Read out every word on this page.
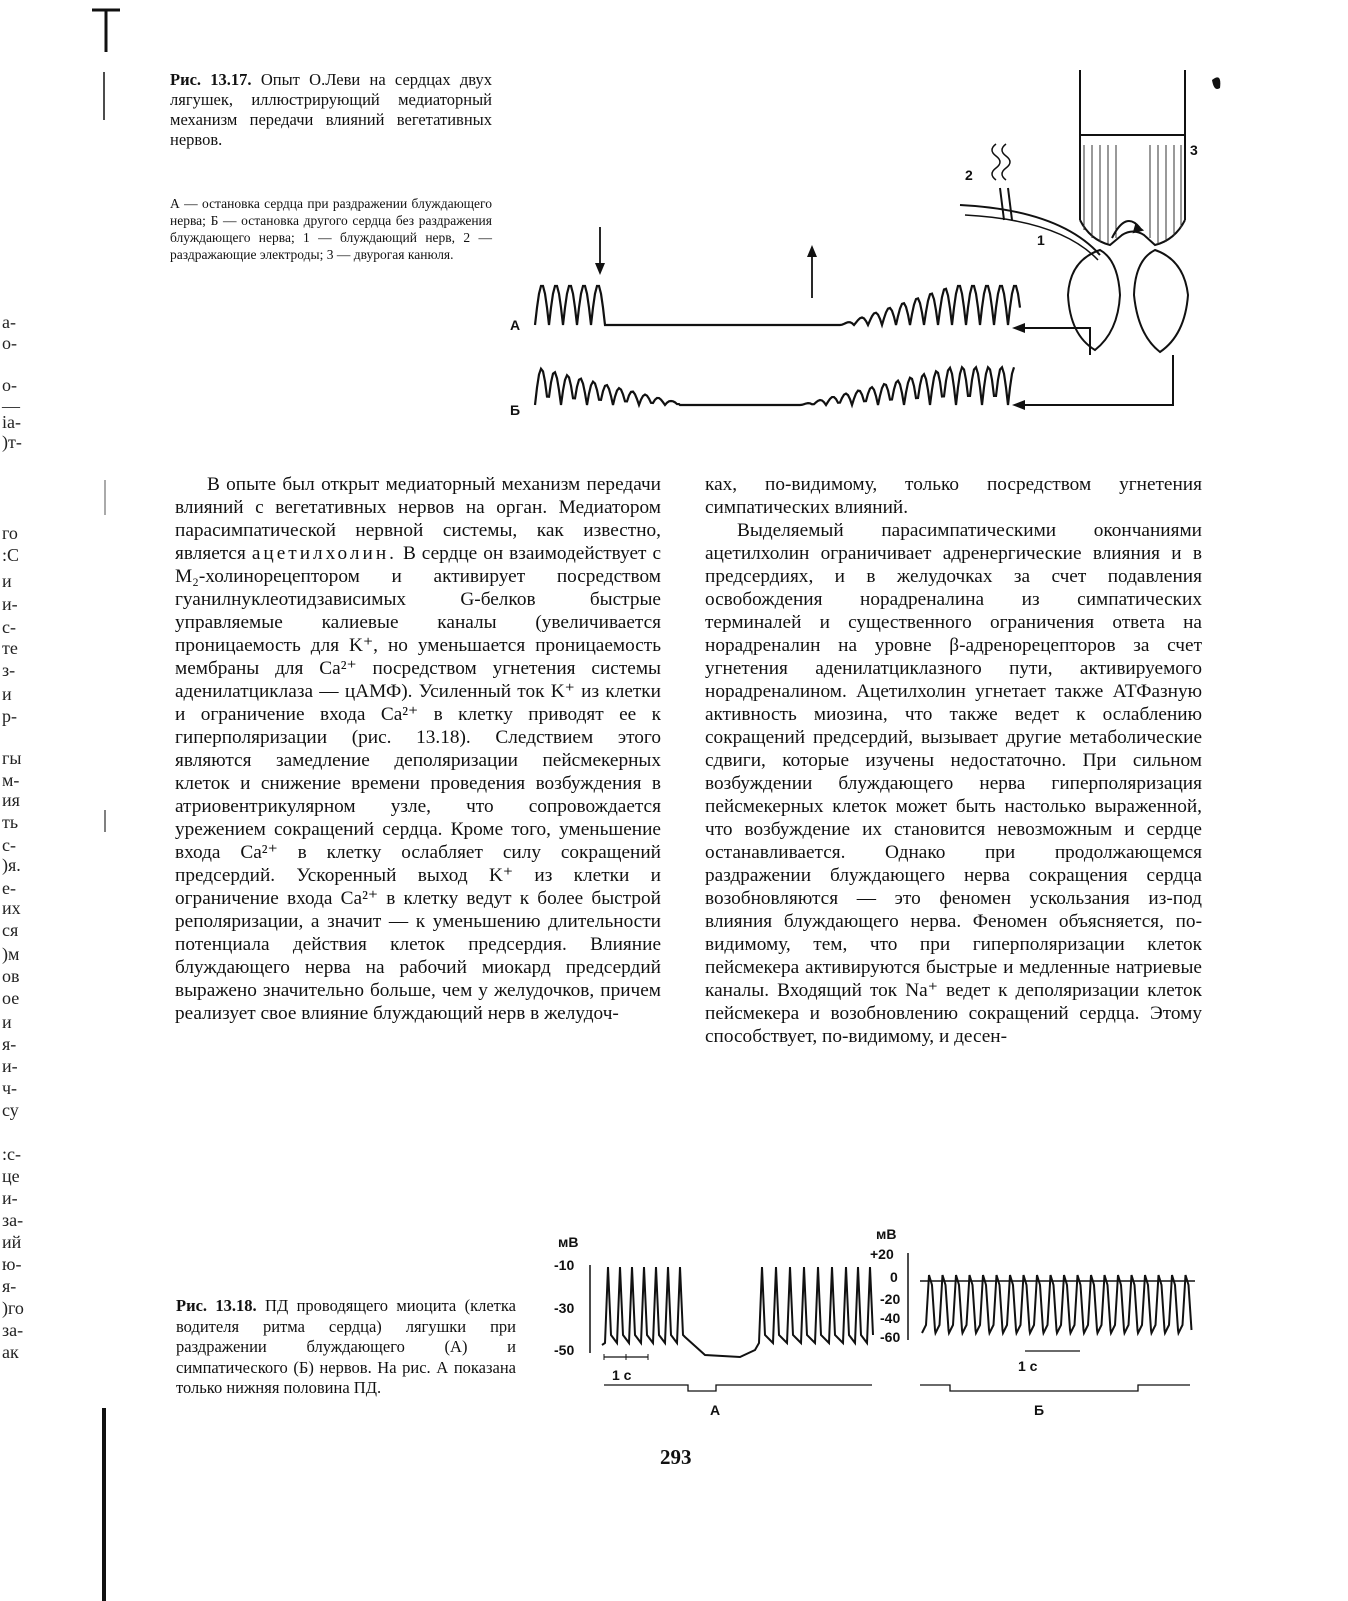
а-
о-
о-
—
іа-
)т-
го
:С
и
и-
с-
те
з-
и
р-
гы
м-
ия
ть
с-
)я.
е-
их
ся
)м
ов
ое
и
я-
и-
ч-
су
:с-
це
и-
за-
ий
ю-
я-
)го
за-
ак
Рис. 13.17. Опыт О.Леви на сердцах двух лягушек, иллюстрирующий медиаторный механизм передачи влияний вегетативных нервов.
А — остановка сердца при раздражении блуждающего нерва; Б — остановка другого сердца без раздражения блуждающего нерва; 1 — блуждающий нерв, 2 — раздражающие электроды; 3 — двурогая канюля.
3
2
1
А
Б

В опыте был открыт медиаторный механизм передачи влияний с вегетативных нервов на орган. Медиатором парасимпатической нервной системы, как известно, является ацетилхолин. В сердце он взаимодействует с М₂-холинорецептором и активирует посредством гуанилнуклеотидзависимых G-белков быстрые управляемые калиевые каналы (увеличивается проницаемость для K⁺, но уменьшается проницаемость мембраны для Ca²⁺ посредством угнетения системы аденилатциклаза — цАМФ). Усиленный ток K⁺ из клетки и ограничение входа Ca²⁺ в клетку приводят ее к гиперполяризации (рис. 13.18). Следствием этого являются замедление деполяризации пейсмекерных клеток и снижение времени проведения возбуждения в атриовентрикулярном узле, что сопровождается урежением сокращений сердца. Кроме того, уменьшение входа Ca²⁺ в клетку ослабляет силу сокращений предсердий. Ускоренный выход K⁺ из клетки и ограничение входа Ca²⁺ в клетку ведут к более быстрой реполяризации, а значит — к уменьшению длительности потенциала действия клеток предсердия. Влияние блуждающего нерва на рабочий миокард предсердий выражено значительно больше, чем у желудочков, причем реализует свое влияние блуждающий нерв в желудоч-

ках, по-видимому, только посредством угнетения симпатических влияний.

Выделяемый парасимпатическими окончаниями ацетилхолин ограничивает адренергические влияния и в предсердиях, и в желудочках за счет подавления освобождения норадреналина из симпатических терминалей и существенного ограничения ответа на норадреналин на уровне β-адренорецепторов за счет угнетения аденилатциклазного пути, активируемого норадреналином. Ацетилхолин угнетает также АТФазную активность миозина, что также ведет к ослаблению сокращений предсердий, вызывает другие метаболические сдвиги, которые изучены недостаточно. При сильном возбуждении блуждающего нерва гиперполяризация пейсмекерных клеток может быть настолько выраженной, что возбуждение их становится невозможным и сердце останавливается. Однако при продолжающемся раздражении блуждающего нерва сокращения сердца возобновляются — это феномен ускользания из-под влияния блуждающего нерва. Феномен объясняется, по-видимому, тем, что при гиперполяризации клеток пейсмекера активируются быстрые и медленные натриевые каналы. Входящий ток Na⁺ ведет к деполяризации клеток пейсмекера и возобновлению сокращений сердца. Этому способствует, по-видимому, и десен-

Рис. 13.18. ПД проводящего миоцита (клетка водителя ритма сердца) лягушки при раздражении блуждающего (А) и симпатического (Б) нервов. На рис. А показана только нижняя половина ПД.
мВ
-10
-30
-50
1 с
А
мВ
+20
0
-20
-40
-60
1 с
Б
293
